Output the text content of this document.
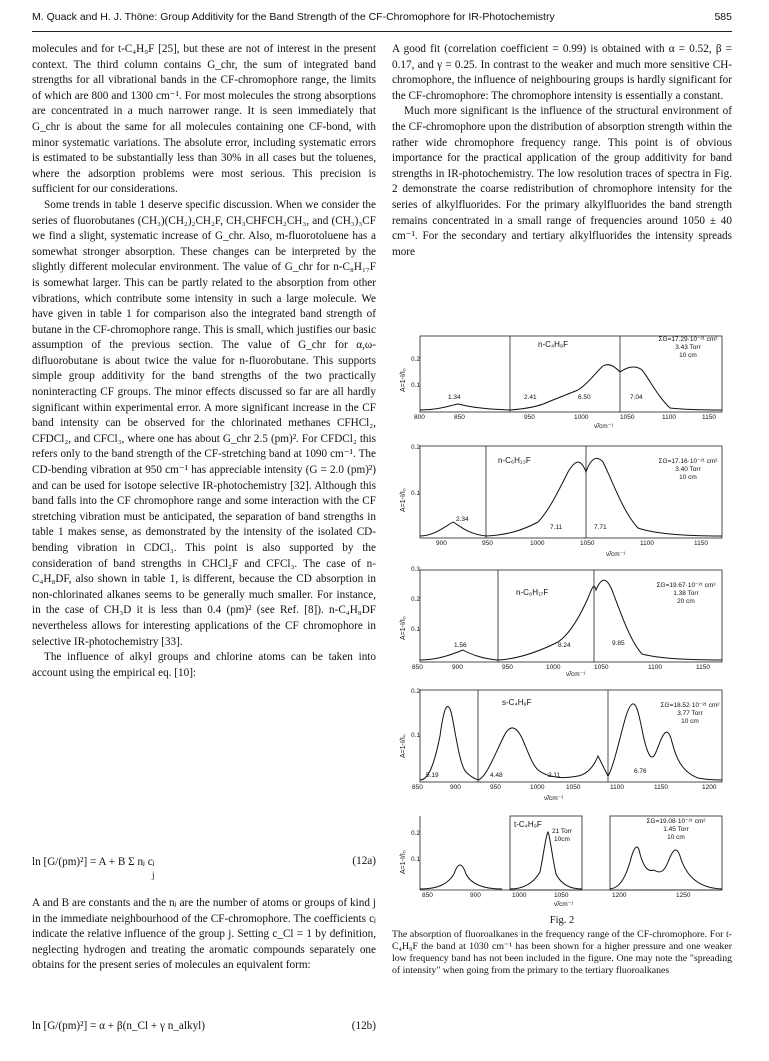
M. Quack and H. J. Thöne: Group Additivity for the Band Strength of the CF-Chromophore for IR-Photochemistry	585

molecules and for t-C₄H₉F [25], but these are not of interest in the present context. The third column contains G_chr, the sum of integrated band strengths for all vibrational bands in the CF-chromophore range, the limits of which are 800 and 1300 cm⁻¹. For most molecules the strong absorptions are concentrated in a much narrower range. It is seen immediately that G_chr is about the same for all molecules containing one CF-bond, with minor systematic variations. The absolute error, including systematic errors is estimated to be substantially less than 30% in all cases but the toluenes, where the adsorption problems were most serious. This precision is sufficient for our considerations.

Some trends in table 1 deserve specific discussion. When we consider the series of fluorobutanes (CH₃)(CH₂)₂CH₂F, CH₃CHFCH₂CH₃, and (CH₃)₃CF we find a slight, systematic increase of G_chr. Also, m-fluorotoluene has a somewhat stronger absorption. These changes can be interpreted by the slightly different molecular environment. The value of G_chr for n-C₈H₁₇F is somewhat larger. This can be partly related to the absorption from other vibrations, which contribute some intensity in such a large molecule. We have given in table 1 for comparison also the integrated band strength of butane in the CF-chromophore range. This is small, which justifies our basic assumption of the previous section. The value of G_chr for α,ω-difluorobutane is about twice the value for n-fluorobutane. This supports simple group additivity for the band strengths of the two practically noninteracting CF groups. The minor effects discussed so far are all hardly significant within experimental error. A more significant increase in the CF band intensity can be observed for the chlorinated methanes CFHCl₂, CFDCl₂, and CFCl₃, where one has about G_chr 2.5 (pm)². For CFDCl₂ this refers only to the band strength of the CF-stretching band at 1090 cm⁻¹. The CD-bending vibration at 950 cm⁻¹ has appreciable intensity (G = 2.0 (pm)²) and can be used for isotope selective IR-photochemistry [32]. Although this band falls into the CF chromophore range and some interaction with the CF stretching vibration must be anticipated, the separation of band strengths in table 1 makes sense, as demonstrated by the intensity of the isolated CD-bending vibration in CDCl₃. This point is also supported by the consideration of band strengths in CHCl₂F and CFCl₃. The case of n-C₄H₈DF, also shown in table 1, is different, because the CD absorption in non-chlorinated alkanes seems to be generally much smaller. For instance, in the case of CH₃D it is less than 0.4 (pm)² (see Ref. [8]). n-C₄H₈DF nevertheless allows for interesting applications of the CF chromophore in selective IR-photochemistry [33].

The influence of alkyl groups and chlorine atoms can be taken into account using the empirical eq. [10]:

ln [G/(pm)²] = A + B Σ nⱼ cⱼ
j
(12a)

A and B are constants and the nⱼ are the number of atoms or groups of kind j in the immediate neighbourhood of the CF-chromophore. The coefficients cⱼ indicate the relative influence of the group j. Setting c_Cl = 1 by definition, neglecting hydrogen and treating the aromatic compounds separately one obtains for the present series of molecules an equivalent form:

ln [G/(pm)²] = α + β(n_Cl + γ n_alkyl)	(12b)

A good fit (correlation coefficient = 0.99) is obtained with α = 0.52, β = 0.17, and γ = 0.25. In contrast to the weaker and much more sensitive CH-chromophore, the influence of neighbouring groups is hardly significant for the CF-chromophore: The chromophore intensity is essentially a constant.

Much more significant is the influence of the structural environment of the CF-chromophore upon the distribution of absorption strength within the rather wide chromophore frequency range. This point is of obvious importance for the practical application of the group additivity for band strengths in IR-photochemistry. The low resolution traces of spectra in Fig. 2 demonstrate the coarse redistribution of chromophore intensity for the series of alkylfluorides. For the primary alkylfluorides the band strength remains concentrated in a small range of frequencies around 1050 ± 40 cm⁻¹. For the secondary and tertiary alkylfluorides the intensity spreads more

n-C₄H₉F
ΣG=17.29·10⁻²¹ cm²
3.43 Torr
10 cm
A=1-I/I₀
0.2
0.1
1.34	2.41	6.50	7.04
800	850	950	1000	1050	1100	1150
ν̃/cm⁻¹
n-C₆H₁₃F	ΣG=17.16·10⁻²¹ cm²
3.40 Torr
10 cm
A=1-I/I₀
0.2
0.1
2.34
7.11	7.71
900	950	1000	1050	1100	1150
ν̃/cm⁻¹
n-C₈H₁₇F
ΣG=19.67·10⁻²¹ cm²
1.38 Torr
20 cm
A=1-I/I₀
0.3
0.2
0.1
1.56	8.24	9.85
850	900	950	1000	1050	1100	1150
ν̃/cm⁻¹
s-C₄H₉F	ΣG=18.52·10⁻²¹ cm²
3.77 Torr
10 cm
A=1-I/I₀
0.2
0.1
5.19	4.48	2.11
6.76
850	900	950	1000	1050	1100	1150	1200
ν̃/cm⁻¹
t-C₄H₉F
21 Torr
10cm
ΣG=19.08·10⁻²¹ cm²
1.45 Torr
10 cm
A=1-I/I₀
0.2
0.1
850	900	1000	1050	1200	1250
ν̃/cm⁻¹
Fig. 2
The absorption of fluoroalkanes in the frequency range of the CF-chromophore. For t-C₄H₉F the band at 1030 cm⁻¹ has been shown for a higher pressure and one weaker low frequency band has not been included in the figure. One may note the "spreading of intensity" when going from the primary to the tertiary fluoroalkanes
